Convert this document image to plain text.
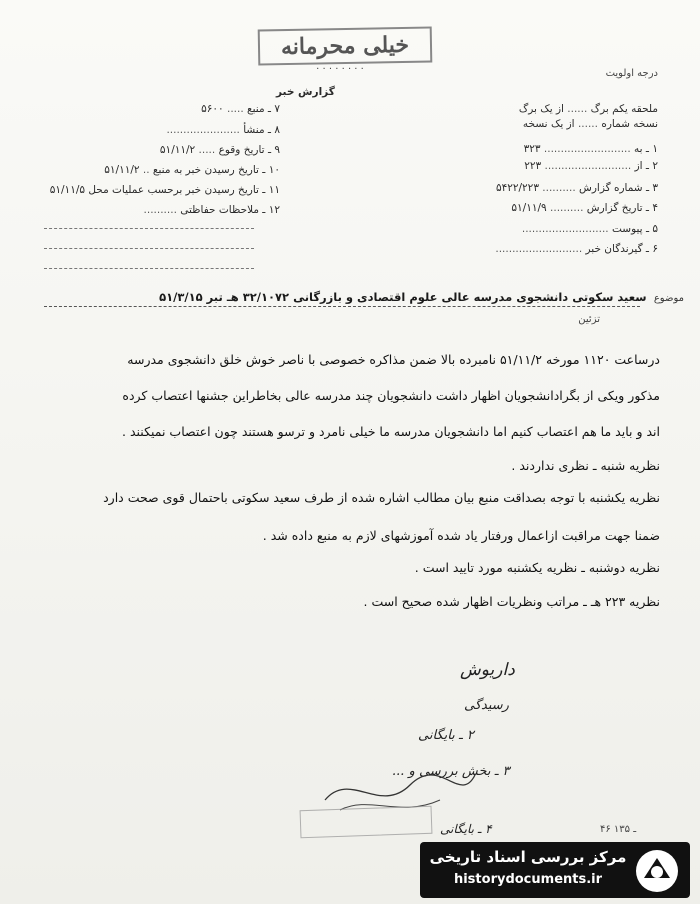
خیلی محرمانه
· · · · · · · ·	درجه اولویت
گزارش خبر
ملحقه یکم برگ ...... از یک برگ
نسخه شماره ...... از یک نسخه
۱ ـ به .......................... ۳۲۳
۲ ـ از .......................... ۲۲۳
۳ ـ شماره گزارش .......... ۵۴۲۲/۲۲۳
۴ ـ تاریخ گزارش .......... ۵۱/۱۱/۹
۵ ـ پیوست ..........................
۶ ـ گیرندگان خبر ..........................
۷ ـ منبع ..... ۵۶۰۰
۸ ـ منشأ ......................
۹ ـ تاریخ وقوع ..... ۵۱/۱۱/۲
۱۰ ـ تاریخ رسیدن خبر به منبع .. ۵۱/۱۱/۲
۱۱ ـ تاریخ رسیدن خبر برحسب عملیات محل ۵۱/۱۱/۵
۱۲ ـ ملاحظات حفاظتی ..........
موضوع  سعید سکوتی دانشجوی مدرسه عالی علوم اقتصادی و بازرگانی ۳۲/۱۰۷۲ هـ تبر ۵۱/۳/۱۵
تزئین
درساعت ۱۱۲۰ مورخه ۵۱/۱۱/۲ نامبرده بالا ضمن مذاکره خصوصی با ناصر خوش خلق دانشجوی مدرسه
مذکور ویکی از بگرادانشجویان اظهار داشت دانشجویان چند مدرسه عالی بخاطراین جشنها اعتصاب کرده
اند و باید ما هم اعتصاب کنیم اما دانشجویان مدرسه ما خیلی نامرد و ترسو هستند چون اعتصاب نمیکنند .
نظریه شنبه ـ نظری نداردند .
نظریه یکشنبه با توجه بصداقت منبع بیان مطالب اشاره شده از طرف سعید سکوتی باحتمال قوی صحت دارد
ضمنا جهت مراقبت ازاعمال ورفتار یاد شده آموزشهای لازم به منبع داده شد .
نظریه دوشنبه ـ نظریه یکشنبه مورد تایید است .
نظریه ۲۲۳ هـ ـ مراتب ونظریات اظهار شده صحیح است .
داریوش
رسیدگی
۲ ـ بایگانی
۳ ـ بخش بررسی و ...
۴ ـ بایگانی	۴۶ ـ ۱۳۵
مرکز بررسی اسناد تاریخی
historydocuments.ir
